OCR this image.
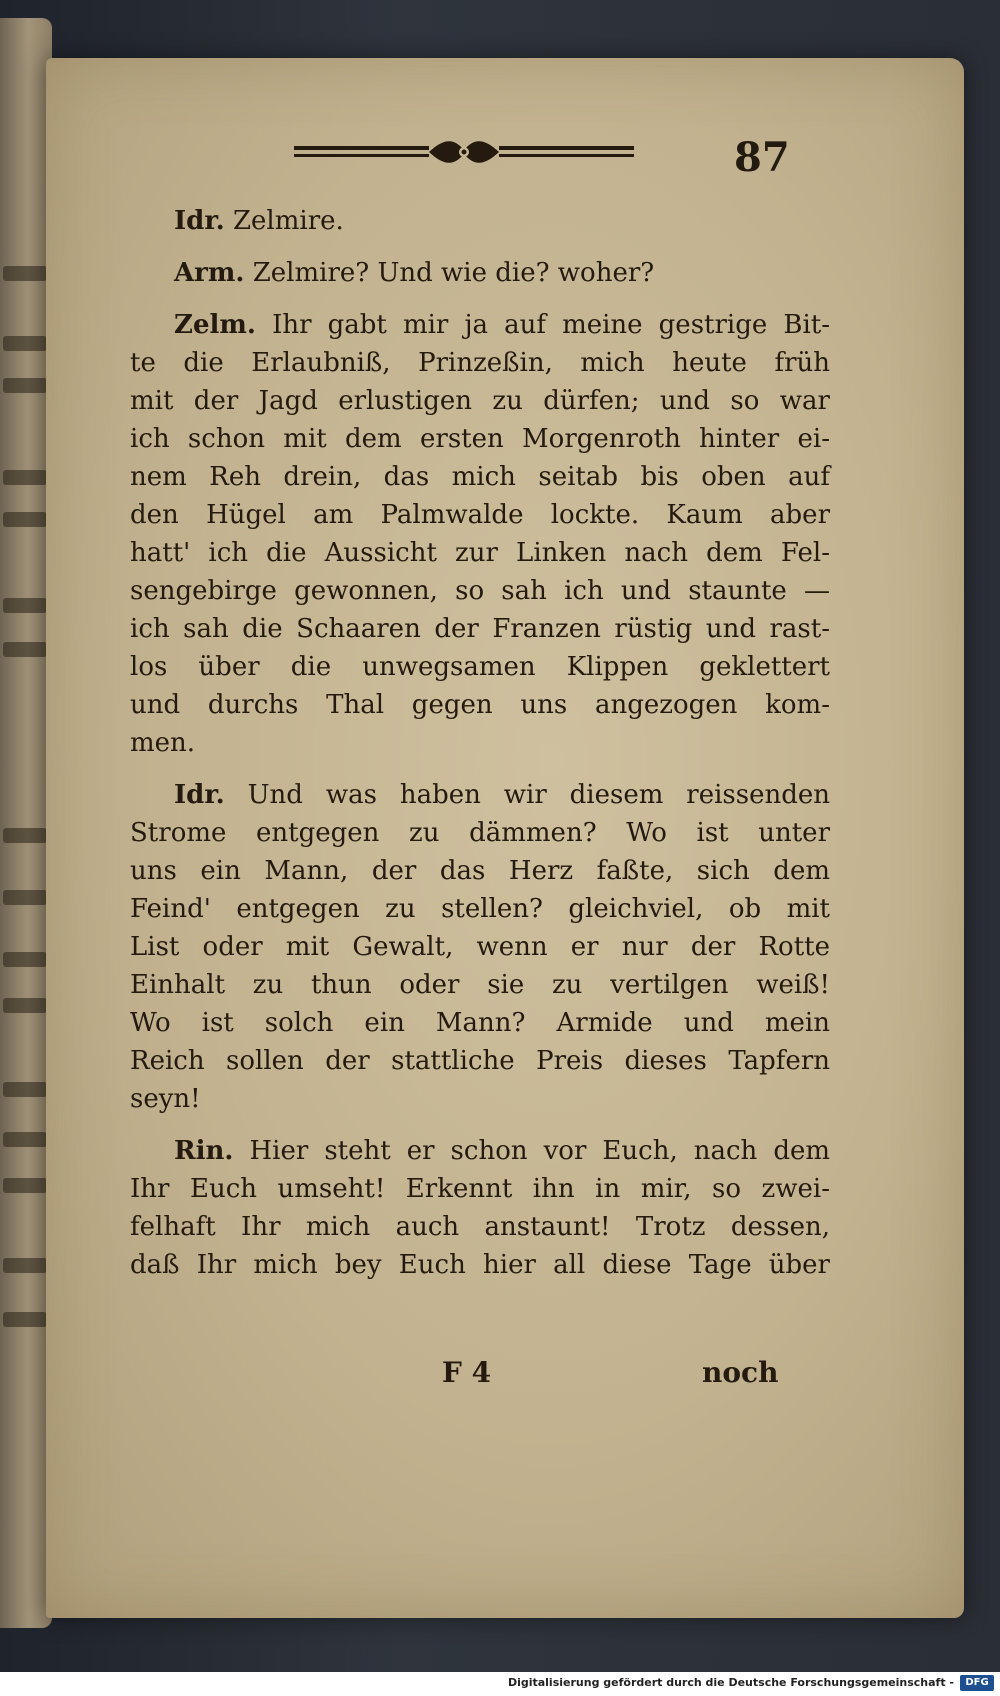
87
Idr. Zelmire.
Arm. Zelmire? Und wie die? woher?
Zelm. Ihr gabt mir ja auf meine gestrige Bit-
te die Erlaubniß, Prinzeßin, mich heute früh
mit der Jagd erlustigen zu dürfen; und so war
ich schon mit dem ersten Morgenroth hinter ei-
nem Reh drein, das mich seitab bis oben auf
den Hügel am Palmwalde lockte. Kaum aber
hatt' ich die Aussicht zur Linken nach dem Fel-
sengebirge gewonnen, so sah ich und staunte —
ich sah die Schaaren der Franzen rüstig und rast-
los über die unwegsamen Klippen geklettert
und durchs Thal gegen uns angezogen kom-
men.
Idr. Und was haben wir diesem reissenden
Strome entgegen zu dämmen? Wo ist unter
uns ein Mann, der das Herz faßte, sich dem
Feind' entgegen zu stellen? gleichviel, ob mit
List oder mit Gewalt, wenn er nur der Rotte
Einhalt zu thun oder sie zu vertilgen weiß!
Wo ist solch ein Mann? Armide und mein
Reich sollen der stattliche Preis dieses Tapfern
seyn!
Rin. Hier steht er schon vor Euch, nach dem
Ihr Euch umseht! Erkennt ihn in mir, so zwei-
felhaft Ihr mich auch anstaunt! Trotz dessen,
daß Ihr mich bey Euch hier all diese Tage über
F 4	noch
Digitalisierung gefördert durch die Deutsche Forschungsgemeinschaft -	DFG
